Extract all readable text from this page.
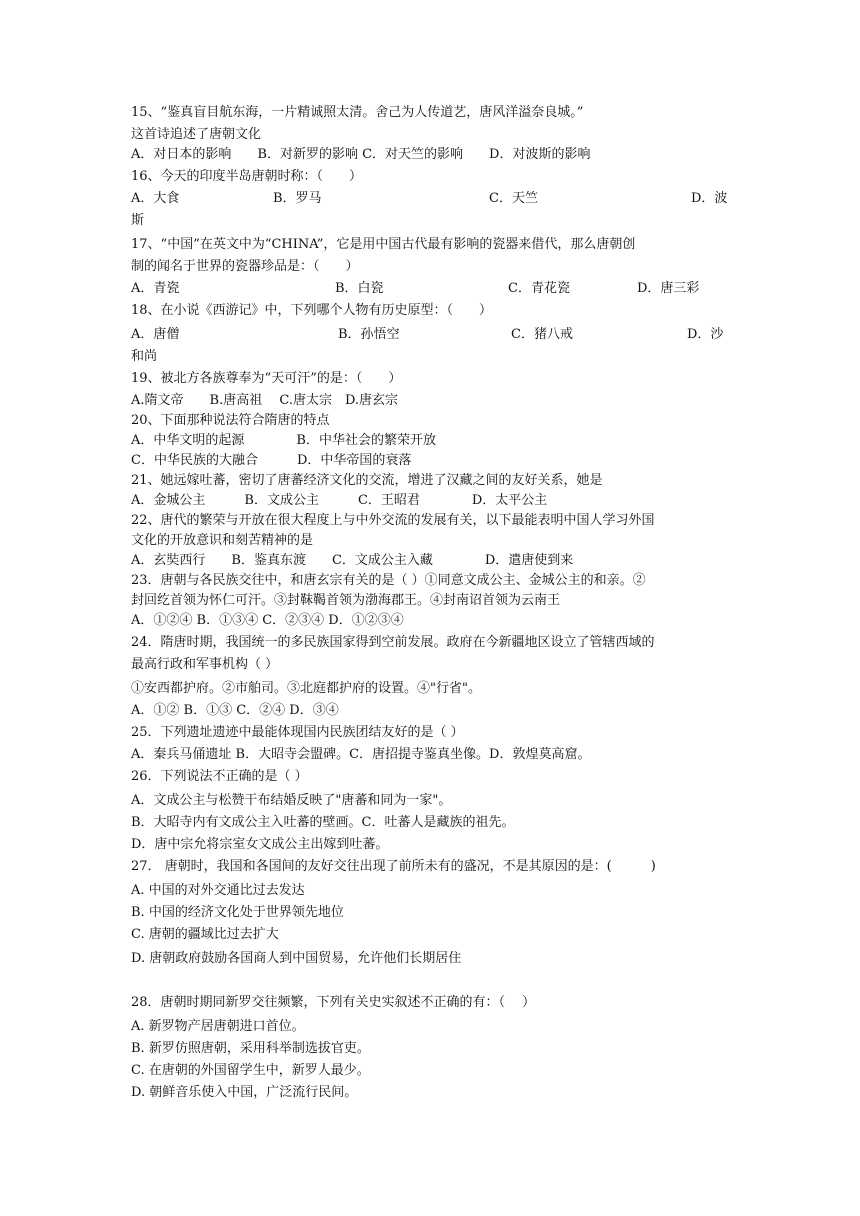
15、“鉴真盲目航东海，一片精诚照太清。舍己为人传道艺，唐风洋溢奈良城。”
这首诗追述了唐朝文化
A．对日本的影响　　B．对新罗的影响 C．对天竺的影响　　D．对波斯的影响
16、今天的印度半岛唐朝时称：（　　）
A．大食	B．罗马	C．天竺	D．波
斯
17、“中国”在英文中为“CHINA”，它是用中国古代最有影响的瓷器来借代，那么唐朝创
制的闻名于世界的瓷器珍品是：（　　）
A．青瓷	B．白瓷	C．青花瓷	D．唐三彩
18、在小说《西游记》中，下列哪个人物有历史原型：（　　）
A．唐僧	B．孙悟空	C．猪八戒	D．沙
和尚
19、被北方各族尊奉为“天可汗”的是：（　　）
A.隋文帝　　B.唐高祖　 C.唐太宗　D.唐玄宗
20、下面那种说法符合隋唐的特点
A．中华文明的起源　　　　B．中华社会的繁荣开放
C．中华民族的大融合　　　D．中华帝国的衰落
21、她远嫁吐蕃，密切了唐蕃经济文化的交流，增进了汉藏之间的友好关系，她是
A．金城公主　　　B．文成公主　　　C．王昭君　　　　D．太平公主
22、唐代的繁荣与开放在很大程度上与中外交流的发展有关，以下最能表明中国人学习外国
文化的开放意识和刻苦精神的是
A．玄奘西行　　B．鉴真东渡　　C．文成公主入藏　　　　D．遣唐使到来
23．唐朝与各民族交往中，和唐玄宗有关的是（ ）①同意文成公主、金城公主的和亲。②
封回纥首领为怀仁可汗。③封靺鞨首领为渤海郡王。④封南诏首领为云南王
A．①②④ B．①③④ C．②③④ D．①②③④
24．隋唐时期，我国统一的多民族国家得到空前发展。政府在今新疆地区设立了管辖西域的
最高行政和军事机构（ ）
①安西都护府。②市舶司。③北庭都护府的设置。④"行省"。
A．①② B．①③ C．②④ D．③④
25．下列遗址遗迹中最能体现国内民族团结友好的是（ ）
A．秦兵马俑遗址 B．大昭寺会盟碑。C．唐招提寺鉴真坐像。D．敦煌莫高窟。
26．下列说法不正确的是（ ）
A．文成公主与松赞干布结婚反映了"唐蕃和同为一家"。
B．大昭寺内有文成公主入吐蕃的壁画。C．吐蕃人是藏族的祖先。
D．唐中宗允将宗室女文成公主出嫁到吐蕃。
27． 唐朝时，我国和各国间的友好交往出现了前所未有的盛况，不是其原因的是：(　　　)
A. 中国的对外交通比过去发达
B. 中国的经济文化处于世界领先地位
C. 唐朝的疆域比过去扩大
D. 唐朝政府鼓励各国商人到中国贸易，允许他们长期居住
28．唐朝时期同新罗交往频繁，下列有关史实叙述不正确的有：（　 ）
A. 新罗物产居唐朝进口首位。
B. 新罗仿照唐朝，采用科举制选拔官吏。
C. 在唐朝的外国留学生中，新罗人最少。
D. 朝鲜音乐使入中国，广泛流行民间。
